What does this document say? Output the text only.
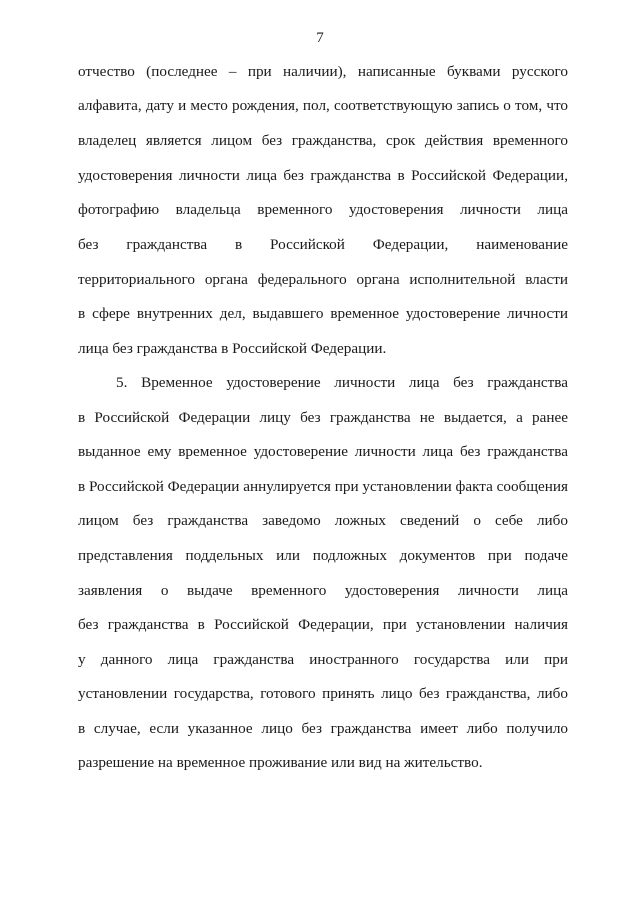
7
отчество (последнее – при наличии), написанные буквами русского
алфавита, дату и место рождения, пол, соответствующую запись о том, что
владелец является лицом без гражданства, срок действия временного
удостоверения личности лица без гражданства в Российской Федерации,
фотографию владельца временного удостоверения личности лица
без гражданства в Российской Федерации, наименование
территориального органа федерального органа исполнительной власти
в сфере внутренних дел, выдавшего временное удостоверение личности
лица без гражданства в Российской Федерации.
5. Временное удостоверение личности лица без гражданства
в Российской Федерации лицу без гражданства не выдается, а ранее
выданное ему временное удостоверение личности лица без гражданства
в Российской Федерации аннулируется при установлении факта сообщения
лицом без гражданства заведомо ложных сведений о себе либо
представления поддельных или подложных документов при подаче
заявления о выдаче временного удостоверения личности лица
без гражданства в Российской Федерации, при установлении наличия
у данного лица гражданства иностранного государства или при
установлении государства, готового принять лицо без гражданства, либо
в случае, если указанное лицо без гражданства имеет либо получило
разрешение на временное проживание или вид на жительство.
